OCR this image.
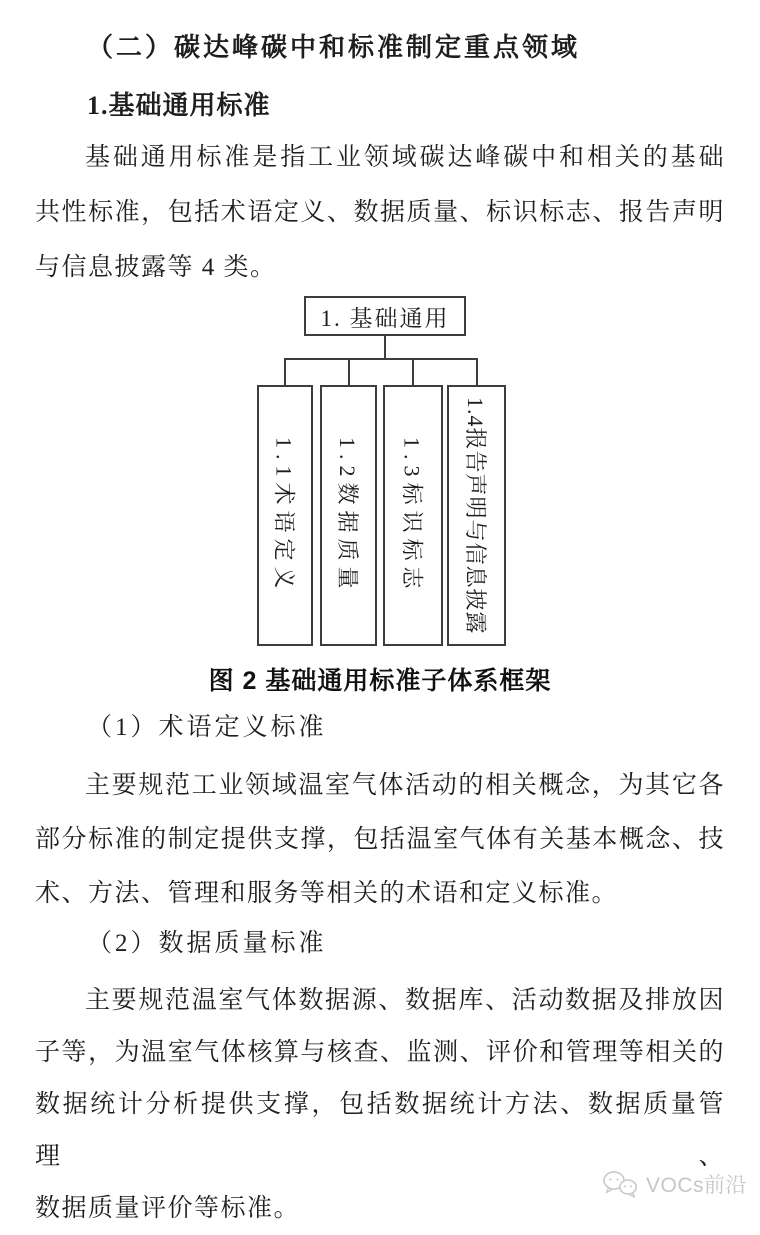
（二）碳达峰碳中和标准制定重点领域
1.基础通用标准
基础通用标准是指工业领域碳达峰碳中和相关的基础
共性标准，包括术语定义、数据质量、标识标志、报告声明
与信息披露等 4 类。
1. 基础通用
1.1术语定义 1.2数据质量 1.3标识标志 1.4报告声明与信息披露
图 2 基础通用标准子体系框架
（1）术语定义标准
主要规范工业领域温室气体活动的相关概念，为其它各
部分标准的制定提供支撑，包括温室气体有关基本概念、技
术、方法、管理和服务等相关的术语和定义标准。
（2）数据质量标准
主要规范温室气体数据源、数据库、活动数据及排放因
子等，为温室气体核算与核查、监测、评价和管理等相关的
数据统计分析提供支撑，包括数据统计方法、数据质量管理、
数据质量评价等标准。
VOCs前沿
